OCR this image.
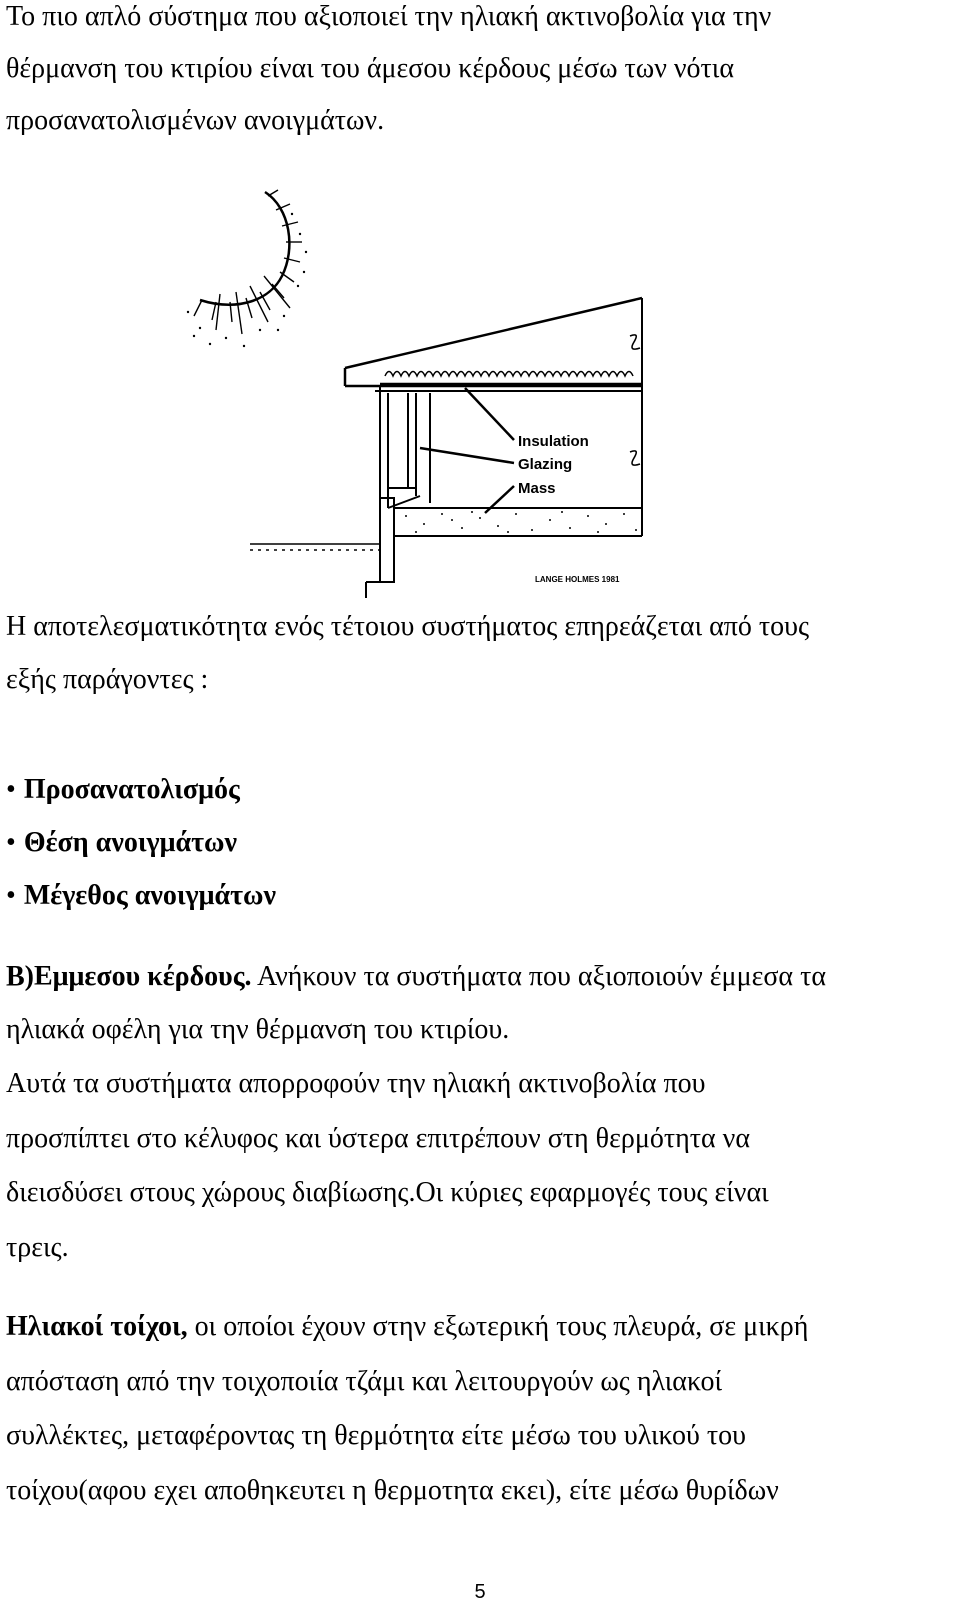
Το πιο απλό σύστημα που αξιοποιεί την ηλιακή ακτινοβολία για την
θέρμανση του κτιρίου είναι του άμεσου κέρδους μέσω των νότια
προσανατολισμένων ανοιγμάτων.
Insulation
Glazing
Mass
LANGE HOLMES 1981
Η αποτελεσματικότητα ενός τέτοιου συστήματος επηρεάζεται από τους
εξής παράγοντες :
• Προσανατολισμός
• Θέση ανοιγμάτων
• Μέγεθος ανοιγμάτων
Β)Εμμεσου κέρδους. Ανήκουν τα συστήματα που αξιοποιούν έμμεσα τα
ηλιακά οφέλη για την θέρμανση του κτιρίου.
Αυτά τα συστήματα απορροφούν την ηλιακή ακτινοβολία που
προσπίπτει στο κέλυφος και ύστερα επιτρέπουν στη θερμότητα να
διεισδύσει στους χώρους διαβίωσης.Οι κύριες εφαρμογές τους είναι
τρεις.
Ηλιακοί τοίχοι, οι οποίοι έχουν στην εξωτερική τους πλευρά, σε μικρή
απόσταση από την τοιχοποιία τζάμι και λειτουργούν ως ηλιακοί
συλλέκτες, μεταφέροντας τη θερμότητα είτε μέσω του υλικού του
τοίχου(αφου εχει αποθηκευτει η θερμοτητα εκει), είτε μέσω θυρίδων
5
